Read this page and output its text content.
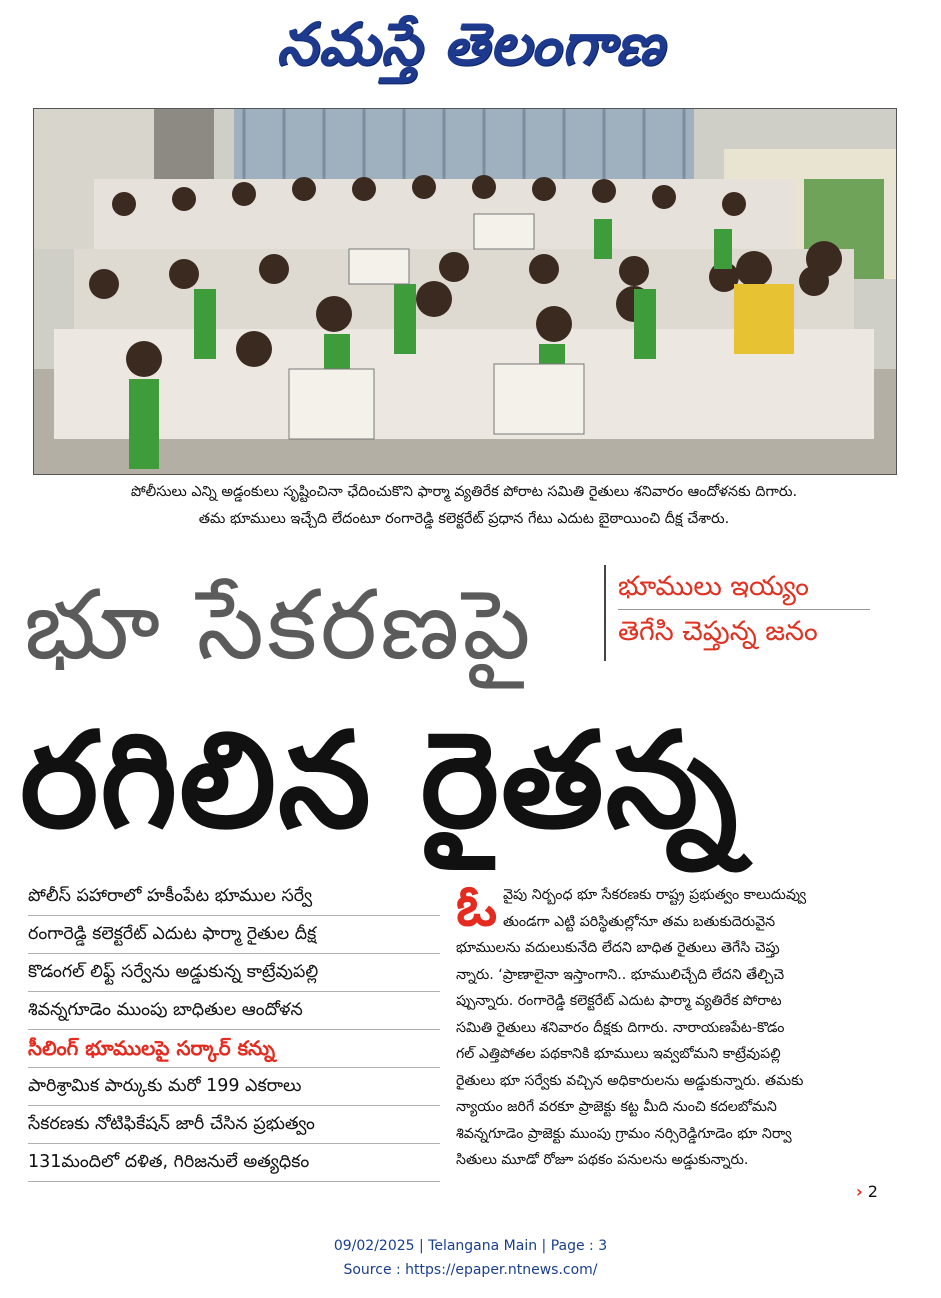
నమస్తే తెలంగాణ
పోలీసులు ఎన్ని అడ్డంకులు సృష్టించినా ఛేదించుకొని ఫార్మా వ్యతిరేక పోరాట సమితి రైతులు శనివారం ఆందోళనకు దిగారు.
తమ భూములు ఇచ్చేది లేదంటూ రంగారెడ్డి కలెక్టరేట్ ప్రధాన గేటు ఎదుట బైఠాయించి దీక్ష చేశారు.
భూ సేకరణపై	భూములు ఇయ్యం
తెగేసి చెప్తున్న జనం
రగిలిన రైతన్న
పోలీస్ పహారాలో హకీంపేట భూముల సర్వే
రంగారెడ్డి కలెక్టరేట్ ఎదుట ఫార్మా రైతుల దీక్ష
కొడంగల్ లిఫ్ట్ సర్వేను అడ్డుకున్న కాట్రేవుపల్లి
శివన్నగూడెం ముంపు బాధితుల ఆందోళన
సీలింగ్ భూములపై సర్కార్ కన్ను
పారిశ్రామిక పార్కుకు మరో 199 ఎకరాలు
సేకరణకు నోటిఫికేషన్ జారీ చేసిన ప్రభుత్వం
131మందిలో దళిత, గిరిజనులే అత్యధికం
ఓ వైపు నిర్బంధ భూ సేకరణకు రాష్ట్ర ప్రభుత్వం కాలుదువ్వు
తుండగా ఎట్టి పరిస్థితుల్లోనూ తమ బతుకుదెరువైన
భూములను వదులుకునేది లేదని బాధిత రైతులు తెగేసి చెప్తు
న్నారు. ‘ప్రాణాలైనా ఇస్తాంగాని.. భూములిచ్చేది లేదని తేల్చిచె
ప్పున్నారు. రంగారెడ్డి కలెక్టరేట్ ఎదుట ఫార్మా వ్యతిరేక పోరాట
సమితి రైతులు శనివారం దీక్షకు దిగారు. నారాయణపేట-కొడం
గల్ ఎత్తిపోతల పథకానికి భూములు ఇవ్వబోమని కాట్రేవుపల్లి
రైతులు భూ సర్వేకు వచ్చిన అధికారులను అడ్డుకున్నారు. తమకు
న్యాయం జరిగే వరకూ ప్రాజెక్టు కట్ట మీది నుంచి కదలబోమని
శివన్నగూడెం ప్రాజెక్టు ముంపు గ్రామం నర్సిరెడ్డిగూడెం భూ నిర్వా
సితులు మూడో రోజూ పథకం పనులను అడ్డుకున్నారు.
› 2
09/02/2025 | Telangana Main | Page : 3
Source : https://epaper.ntnews.com/
